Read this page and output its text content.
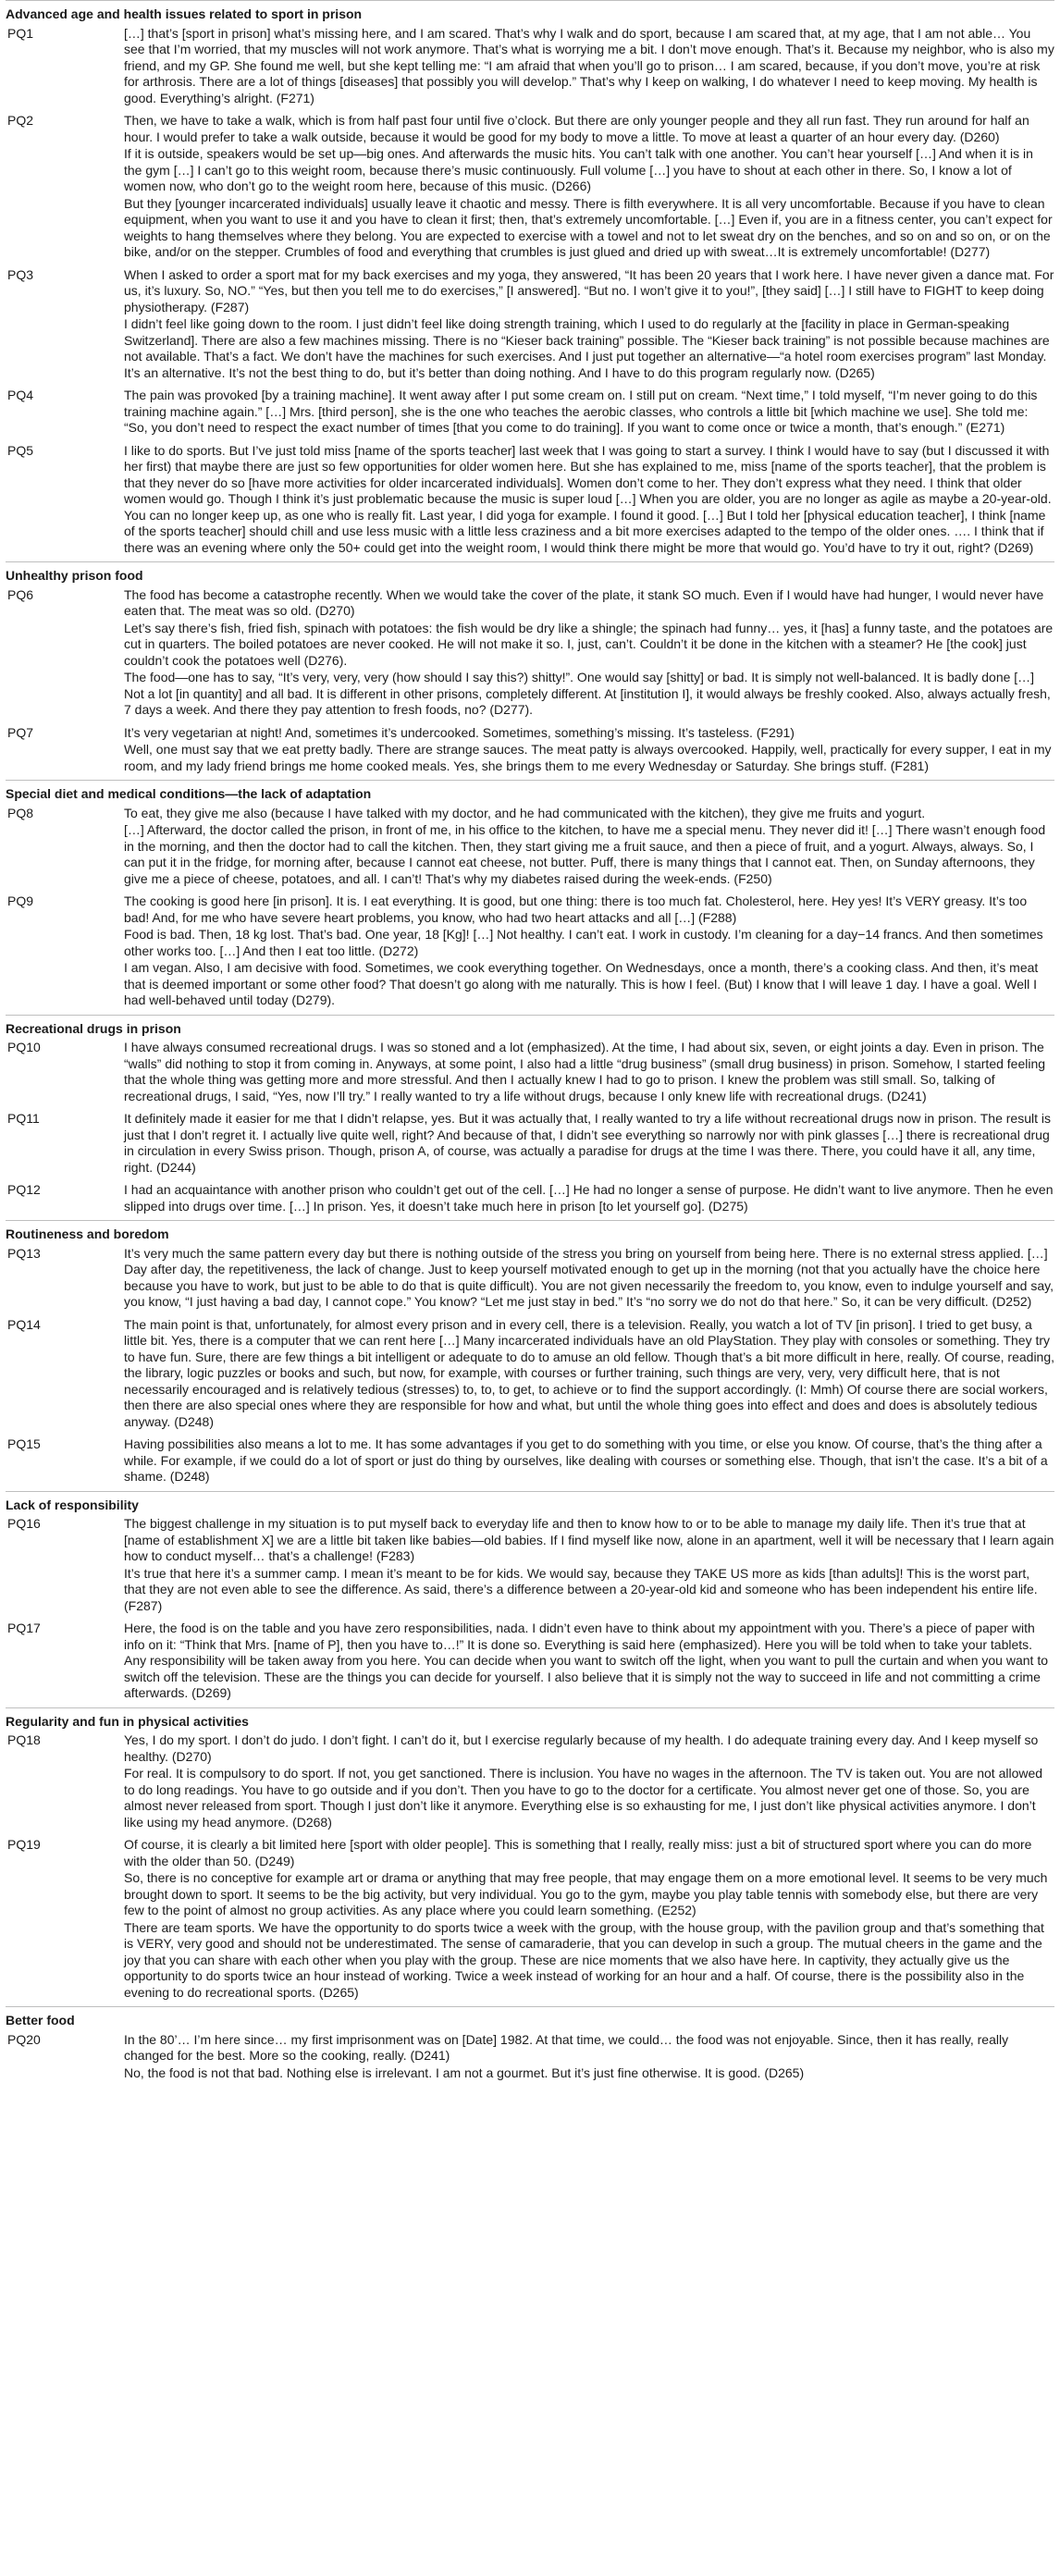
Advanced age and health issues related to sport in prison	
PQ1	[…] that’s [sport in prison] what’s missing here, and I am scared. That’s why I walk and do sport, because I am scared that, at my age, that I am not able… You see that I’m worried, that my muscles will not work anymore. That’s what is worrying me a bit. I don’t move enough. That’s it. Because my neighbor, who is also my friend, and my GP. She found me well, but she kept telling me: “I am afraid that when you’ll go to prison… I am scared, because, if you don’t move, you’re at risk for arthrosis. There are a lot of things [diseases] that possibly you will develop.” That’s why I keep on walking, I do whatever I need to keep moving. My health is good. Everything’s alright. (F271)

PQ2	Then, we have to take a walk, which is from half past four until five o’clock. But there are only younger people and they all run fast. They run around for half an hour. I would prefer to take a walk outside, because it would be good for my body to move a little. To move at least a quarter of an hour every day. (D260)
If it is outside, speakers would be set up—big ones. And afterwards the music hits. You can’t talk with one another. You can’t hear yourself […] And when it is in the gym […] I can’t go to this weight room, because there’s music continuously. Full volume […] you have to shout at each other in there. So, I know a lot of women now, who don’t go to the weight room here, because of this music. (D266)
But they [younger incarcerated individuals] usually leave it chaotic and messy. There is filth everywhere. It is all very uncomfortable. Because if you have to clean equipment, when you want to use it and you have to clean it first; then, that’s extremely uncomfortable. […] Even if, you are in a fitness center, you can’t expect for weights to hang themselves where they belong. You are expected to exercise with a towel and not to let sweat dry on the benches, and so on and so on, or on the bike, and/or on the stepper. Crumbles of food and everything that crumbles is just glued and dried up with sweat…It is extremely uncomfortable! (D277)

PQ3	When I asked to order a sport mat for my back exercises and my yoga, they answered, “It has been 20 years that I work here. I have never given a dance mat. For us, it’s luxury. So, NO.” “Yes, but then you tell me to do exercises,” [I answered]. “But no. I won’t give it to you!”, [they said] […] I still have to FIGHT to keep doing physiotherapy. (F287)
I didn’t feel like going down to the room. I just didn’t feel like doing strength training, which I used to do regularly at the [facility in place in German-speaking Switzerland]. There are also a few machines missing. There is no “Kieser back training” possible. The “Kieser back training” is not possible because machines are not available. That’s a fact. We don’t have the machines for such exercises. And I just put together an alternative—“a hotel room exercises program” last Monday. It’s an alternative. It’s not the best thing to do, but it’s better than doing nothing. And I have to do this program regularly now. (D265)

PQ4	The pain was provoked [by a training machine]. It went away after I put some cream on. I still put on cream. “Next time,” I told myself, “I’m never going to do this training machine again.” […] Mrs. [third person], she is the one who teaches the aerobic classes, who controls a little bit [which machine we use]. She told me: “So, you don’t need to respect the exact number of times [that you come to do training]. If you want to come once or twice a month, that’s enough.” (E271)

PQ5	I like to do sports. But I’ve just told miss [name of the sports teacher] last week that I was going to start a survey. I think I would have to say (but I discussed it with her first) that maybe there are just so few opportunities for older women here. But she has explained to me, miss [name of the sports teacher], that the problem is that they never do so [have more activities for older incarcerated individuals]. Women don’t come to her. They don’t express what they need. I think that older women would go. Though I think it’s just problematic because the music is super loud […] When you are older, you are no longer as agile as maybe a 20-year-old. You can no longer keep up, as one who is really fit. Last year, I did yoga for example. I found it good. […] But I told her [physical education teacher], I think [name of the sports teacher] should chill and use less music with a little less craziness and a bit more exercises adapted to the tempo of the older ones. …. I think that if there was an evening where only the 50+ could get into the weight room, I would think there might be more that would go. You’d have to try it out, right? (D269)

Unhealthy prison food	
PQ6	The food has become a catastrophe recently. When we would take the cover of the plate, it stank SO much. Even if I would have had hunger, I would never have eaten that. The meat was so old. (D270)
Let’s say there’s fish, fried fish, spinach with potatoes: the fish would be dry like a shingle; the spinach had funny… yes, it [has] a funny taste, and the potatoes are cut in quarters. The boiled potatoes are never cooked. He will not make it so. I, just, can’t. Couldn’t it be done in the kitchen with a steamer? He [the cook] just couldn’t cook the potatoes well (D276).
The food—one has to say, “It’s very, very, very (how should I say this?) shitty!”. One would say [shitty] or bad. It is simply not well-balanced. It is badly done […] Not a lot [in quantity] and all bad. It is different in other prisons, completely different. At [institution I], it would always be freshly cooked. Also, always actually fresh, 7 days a week. And there they pay attention to fresh foods, no? (D277).

PQ7	It’s very vegetarian at night! And, sometimes it’s undercooked. Sometimes, something’s missing. It’s tasteless. (F291)
Well, one must say that we eat pretty badly. There are strange sauces. The meat patty is always overcooked. Happily, well, practically for every supper, I eat in my room, and my lady friend brings me home cooked meals. Yes, she brings them to me every Wednesday or Saturday. She brings stuff. (F281)

Special diet and medical conditions—the lack of adaptation	
PQ8	To eat, they give me also (because I have talked with my doctor, and he had communicated with the kitchen), they give me fruits and yogurt.
[…] Afterward, the doctor called the prison, in front of me, in his office to the kitchen, to have me a special menu. They never did it! […] There wasn’t enough food in the morning, and then the doctor had to call the kitchen. Then, they start giving me a fruit sauce, and then a piece of fruit, and a yogurt. Always, always. So, I can put it in the fridge, for morning after, because I cannot eat cheese, not butter. Puff, there is many things that I cannot eat. Then, on Sunday afternoons, they give me a piece of cheese, potatoes, and all. I can’t! That’s why my diabetes raised during the week-ends. (F250)

PQ9	The cooking is good here [in prison]. It is. I eat everything. It is good, but one thing: there is too much fat. Cholesterol, here. Hey yes! It’s VERY greasy. It’s too bad! And, for me who have severe heart problems, you know, who had two heart attacks and all […] (F288)
Food is bad. Then, 18 kg lost. That’s bad. One year, 18 [Kg]! […] Not healthy. I can’t eat. I work in custody. I’m cleaning for a day−14 francs. And then sometimes other works too. […] And then I eat too little. (D272)
I am vegan. Also, I am decisive with food. Sometimes, we cook everything together. On Wednesdays, once a month, there’s a cooking class. And then, it’s meat that is deemed important or some other food? That doesn’t go along with me naturally. This is how I feel. (But) I know that I will leave 1 day. I have a goal. Well I had well-behaved until today (D279).

Recreational drugs in prison	
PQ10	I have always consumed recreational drugs. I was so stoned and a lot (emphasized). At the time, I had about six, seven, or eight joints a day. Even in prison. The “walls” did nothing to stop it from coming in. Anyways, at some point, I also had a little “drug business” (small drug business) in prison. Somehow, I started feeling that the whole thing was getting more and more stressful. And then I actually knew I had to go to prison. I knew the problem was still small. So, talking of recreational drugs, I said, “Yes, now I’ll try.” I really wanted to try a life without drugs, because I only knew life with recreational drugs. (D241)

PQ11	It definitely made it easier for me that I didn’t relapse, yes. But it was actually that, I really wanted to try a life without recreational drugs now in prison. The result is just that I don’t regret it. I actually live quite well, right? And because of that, I didn’t see everything so narrowly nor with pink glasses […] there is recreational drug in circulation in every Swiss prison. Though, prison A, of course, was actually a paradise for drugs at the time I was there. There, you could have it all, any time, right. (D244)

PQ12	I had an acquaintance with another prison who couldn’t get out of the cell. […] He had no longer a sense of purpose. He didn’t want to live anymore. Then he even slipped into drugs over time. […] In prison. Yes, it doesn’t take much here in prison [to let yourself go]. (D275)

Routineness and boredom	
PQ13	It’s very much the same pattern every day but there is nothing outside of the stress you bring on yourself from being here. There is no external stress applied. […] Day after day, the repetitiveness, the lack of change. Just to keep yourself motivated enough to get up in the morning (not that you actually have the choice here because you have to work, but just to be able to do that is quite difficult). You are not given necessarily the freedom to, you know, even to indulge yourself and say, you know, “I just having a bad day, I cannot cope.” You know? “Let me just stay in bed.” It’s “no sorry we do not do that here.” So, it can be very difficult. (D252)

PQ14	The main point is that, unfortunately, for almost every prison and in every cell, there is a television. Really, you watch a lot of TV [in prison]. I tried to get busy, a little bit. Yes, there is a computer that we can rent here […] Many incarcerated individuals have an old PlayStation. They play with consoles or something. They try to have fun. Sure, there are few things a bit intelligent or adequate to do to amuse an old fellow. Though that’s a bit more difficult in here, really. Of course, reading, the library, logic puzzles or books and such, but now, for example, with courses or further training, such things are very, very, very difficult here, that is not necessarily encouraged and is relatively tedious (stresses) to, to, to get, to achieve or to find the support accordingly. (I: Mmh) Of course there are social workers, then there are also special ones where they are responsible for how and what, but until the whole thing goes into effect and does and does is absolutely tedious anyway. (D248)

PQ15	Having possibilities also means a lot to me. It has some advantages if you get to do something with you time, or else you know. Of course, that’s the thing after a while. For example, if we could do a lot of sport or just do thing by ourselves, like dealing with courses or something else. Though, that isn’t the case. It’s a bit of a shame. (D248)

Lack of responsibility	
PQ16	The biggest challenge in my situation is to put myself back to everyday life and then to know how to or to be able to manage my daily life. Then it’s true that at [name of establishment X] we are a little bit taken like babies—old babies. If I find myself like now, alone in an apartment, well it will be necessary that I learn again how to conduct myself… that’s a challenge! (F283)
It’s true that here it’s a summer camp. I mean it’s meant to be for kids. We would say, because they TAKE US more as kids [than adults]! This is the worst part, that they are not even able to see the difference. As said, there’s a difference between a 20-year-old kid and someone who has been independent his entire life. (F287)

PQ17	Here, the food is on the table and you have zero responsibilities, nada. I didn’t even have to think about my appointment with you. There’s a piece of paper with info on it: “Think that Mrs. [name of P], then you have to…!” It is done so. Everything is said here (emphasized). Here you will be told when to take your tablets. Any responsibility will be taken away from you here. You can decide when you want to switch off the light, when you want to pull the curtain and when you want to switch off the television. These are the things you can decide for yourself. I also believe that it is simply not the way to succeed in life and not committing a crime afterwards. (D269)

Regularity and fun in physical activities	
PQ18	Yes, I do my sport. I don’t do judo. I don’t fight. I can’t do it, but I exercise regularly because of my health. I do adequate training every day. And I keep myself so healthy. (D270)
For real. It is compulsory to do sport. If not, you get sanctioned. There is inclusion. You have no wages in the afternoon. The TV is taken out. You are not allowed to do long readings. You have to go outside and if you don’t. Then you have to go to the doctor for a certificate. You almost never get one of those. So, you are almost never released from sport. Though I just don’t like it anymore. Everything else is so exhausting for me, I just don’t like physical activities anymore. I don’t like using my head anymore. (D268)

PQ19	Of course, it is clearly a bit limited here [sport with older people]. This is something that I really, really miss: just a bit of structured sport where you can do more with the older than 50. (D249)
So, there is no conceptive for example art or drama or anything that may free people, that may engage them on a more emotional level. It seems to be very much brought down to sport. It seems to be the big activity, but very individual. You go to the gym, maybe you play table tennis with somebody else, but there are very few to the point of almost no group activities. As any place where you could learn something. (E252)
There are team sports. We have the opportunity to do sports twice a week with the group, with the house group, with the pavilion group and that’s something that is VERY, very good and should not be underestimated. The sense of camaraderie, that you can develop in such a group. The mutual cheers in the game and the joy that you can share with each other when you play with the group. These are nice moments that we also have here. In captivity, they actually give us the opportunity to do sports twice an hour instead of working. Twice a week instead of working for an hour and a half. Of course, there is the possibility also in the evening to do recreational sports. (D265)

Better food	
PQ20	In the 80’… I’m here since… my first imprisonment was on [Date] 1982. At that time, we could… the food was not enjoyable. Since, then it has really, really changed for the best. More so the cooking, really. (D241)
No, the food is not that bad. Nothing else is irrelevant. I am not a gourmet. But it’s just fine otherwise. It is good. (D265)
